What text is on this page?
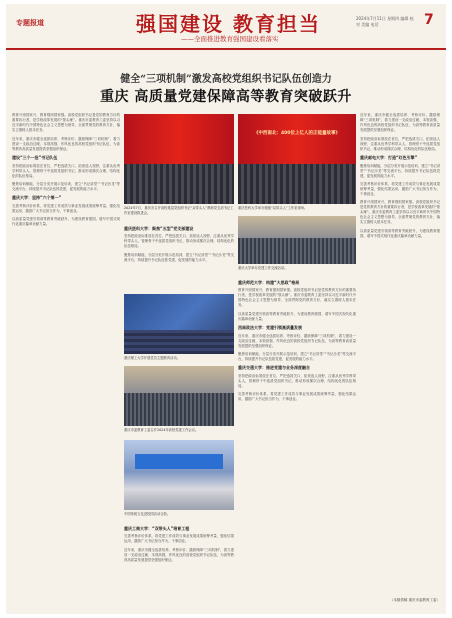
专题报道	强国建设 教育担当
——全面推进教育强国建设看落实
2024年7月11日 星期四 编辑 校对 美编 电话	7
健全“三项机制”激发高校党组织书记队伍创造力
重庆 高质量党建保障高等教育突破跃升

教育兴则国家兴，教育强则国家强。高校党组织书记是党的教育方针的重要执行者，是学校改革发展的“领头雁”。重庆市委教育工委坚持以习近平新时代中国特色社会主义思想为指导，全面贯彻党的教育方针，落实立德树人根本任务。

近年来，重庆市健全选拔培养、考核评价、激励保障“三项机制”，着力建设一支政治过硬、本领高强、作风优良的高校党组织书记队伍，为高等教育高质量发展提供坚强组织保证。

建设“三个一批”书记队伍

坚持把政治标准放在首位，严把选拔关口，拓宽选人视野，注重从优秀学科带头人、管理骨干中选拔党组织书记，推动形成梯次合理、结构优化的队伍格局。

聚焦培训赋能，分层分类开展示范培训，建立“书记讲堂”“书记沙龙”等交流平台，持续提升书记队伍抓党建、促发展的能力水平。

重庆大学：坚持“六个第一”

完善考核评价体系，将党建工作成效与事业发展成果统筹考量，强化结果运用，激励广大书记担当作为、干事创业。

以高质量党建引领高等教育突破跃升，为建设教育强国、谱写中国式现代化重庆篇章贡献力量。

2024年7月，重庆市召开高校基层党组织书记“双带头人”教师党支部书记工作室建设推进会。
《中西南北：400位上亿人的正能量故事》
重庆医科大学举办校级“双带头人”工作室现场。
重庆大学举办党建工作交流活动。
重庆医科大学：聚焦“五型”党支部建设

坚持把政治标准放在首位，严把选拔关口，拓宽选人视野，注重从优秀学科带头人、管理骨干中选拔党组织书记，推动形成梯次合理、结构优化的队伍格局。

聚焦培训赋能，分层分类开展示范培训，建立“书记讲堂”“书记沙龙”等交流平台，持续提升书记队伍抓党建、促发展的能力水平。

重庆理工大学开展党员主题教育活动。
重庆市委教育工委召开2024年高校党建工作会议。
中国传统文化进校园活动合影。
重庆工商大学：“双带头人”培育工程

完善考核评价体系，将党建工作成效与事业发展成果统筹考量，强化结果运用，激励广大书记担当作为、干事创业。

近年来，重庆市健全选拔培养、考核评价、激励保障“三项机制”，着力建设一支政治过硬、本领高强、作风优良的高校党组织书记队伍，为高等教育高质量发展提供坚强组织保证。

重庆师范大学：构建“大思政”格局

教育兴则国家兴，教育强则国家强。高校党组织书记是党的教育方针的重要执行者，是学校改革发展的“领头雁”。重庆市委教育工委坚持以习近平新时代中国特色社会主义思想为指导，全面贯彻党的教育方针，落实立德树人根本任务。

以高质量党建引领高等教育突破跃升，为建设教育强国、谱写中国式现代化重庆篇章贡献力量。

西南政法大学：党建引领高质量发展

近年来，重庆市健全选拔培养、考核评价、激励保障“三项机制”，着力建设一支政治过硬、本领高强、作风优良的高校党组织书记队伍，为高等教育高质量发展提供坚强组织保证。

聚焦培训赋能，分层分类开展示范培训，建立“书记讲堂”“书记沙龙”等交流平台，持续提升书记队伍抓党建、促发展的能力水平。

重庆交通大学：推进党建与业务深度融合

坚持把政治标准放在首位，严把选拔关口，拓宽选人视野，注重从优秀学科带头人、管理骨干中选拔党组织书记，推动形成梯次合理、结构优化的队伍格局。

完善考核评价体系，将党建工作成效与事业发展成果统筹考量，强化结果运用，激励广大书记担当作为、干事创业。

近年来，重庆市健全选拔培养、考核评价、激励保障“三项机制”，着力建设一支政治过硬、本领高强、作风优良的高校党组织书记队伍，为高等教育高质量发展提供坚强组织保证。

坚持把政治标准放在首位，严把选拔关口，拓宽选人视野，注重从优秀学科带头人、管理骨干中选拔党组织书记，推动形成梯次合理、结构优化的队伍格局。

重庆邮电大学：打造“红色引擎”

聚焦培训赋能，分层分类开展示范培训，建立“书记讲堂”“书记沙龙”等交流平台，持续提升书记队伍抓党建、促发展的能力水平。

完善考核评价体系，将党建工作成效与事业发展成果统筹考量，强化结果运用，激励广大书记担当作为、干事创业。

教育兴则国家兴，教育强则国家强。高校党组织书记是党的教育方针的重要执行者，是学校改革发展的“领头雁”。重庆市委教育工委坚持以习近平新时代中国特色社会主义思想为指导，全面贯彻党的教育方针，落实立德树人根本任务。

以高质量党建引领高等教育突破跃升，为建设教育强国、谱写中国式现代化重庆篇章贡献力量。

（本版供稿 重庆市委教育工委）
